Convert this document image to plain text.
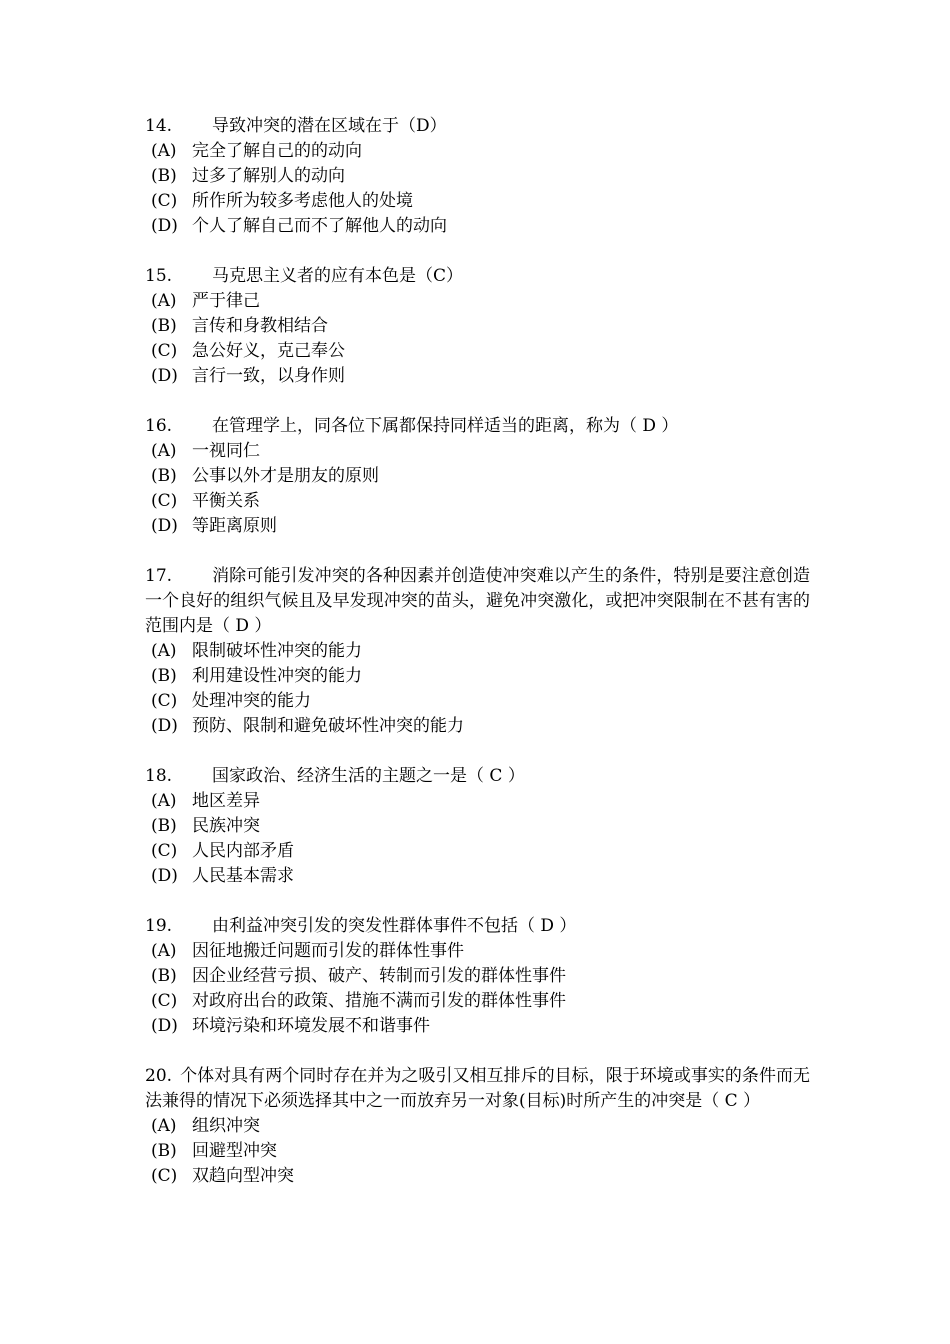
14. 导致冲突的潜在区域在于（D）
(A) 完全了解自己的的动向
(B) 过多了解别人的动向
(C) 所作所为较多考虑他人的处境
(D) 个人了解自己而不了解他人的动向
15. 马克思主义者的应有本色是（C）
(A) 严于律己
(B) 言传和身教相结合
(C) 急公好义，克己奉公
(D) 言行一致，以身作则
16. 在管理学上，同各位下属都保持同样适当的距离，称为（ D ）
(A) 一视同仁
(B) 公事以外才是朋友的原则
(C) 平衡关系
(D) 等距离原则
17. 消除可能引发冲突的各种因素并创造使冲突难以产生的条件，特别是要注意创造一个良好的组织气候且及早发现冲突的苗头，避免冲突激化，或把冲突限制在不甚有害的范围内是（ D ）
(A) 限制破坏性冲突的能力
(B) 利用建设性冲突的能力
(C) 处理冲突的能力
(D) 预防、限制和避免破坏性冲突的能力
18. 国家政治、经济生活的主题之一是（ C ）
(A) 地区差异
(B) 民族冲突
(C) 人民内部矛盾
(D) 人民基本需求
19. 由利益冲突引发的突发性群体事件不包括（ D ）
(A) 因征地搬迁问题而引发的群体性事件
(B) 因企业经营亏损、破产、转制而引发的群体性事件
(C) 对政府出台的政策、措施不满而引发的群体性事件
(D) 环境污染和环境发展不和谐事件
20. 个体对具有两个同时存在并为之吸引又相互排斥的目标，限于环境或事实的条件而无法兼得的情况下必须选择其中之一而放弃另一对象(目标)时所产生的冲突是（ C ）
(A) 组织冲突
(B) 回避型冲突
(C) 双趋向型冲突
